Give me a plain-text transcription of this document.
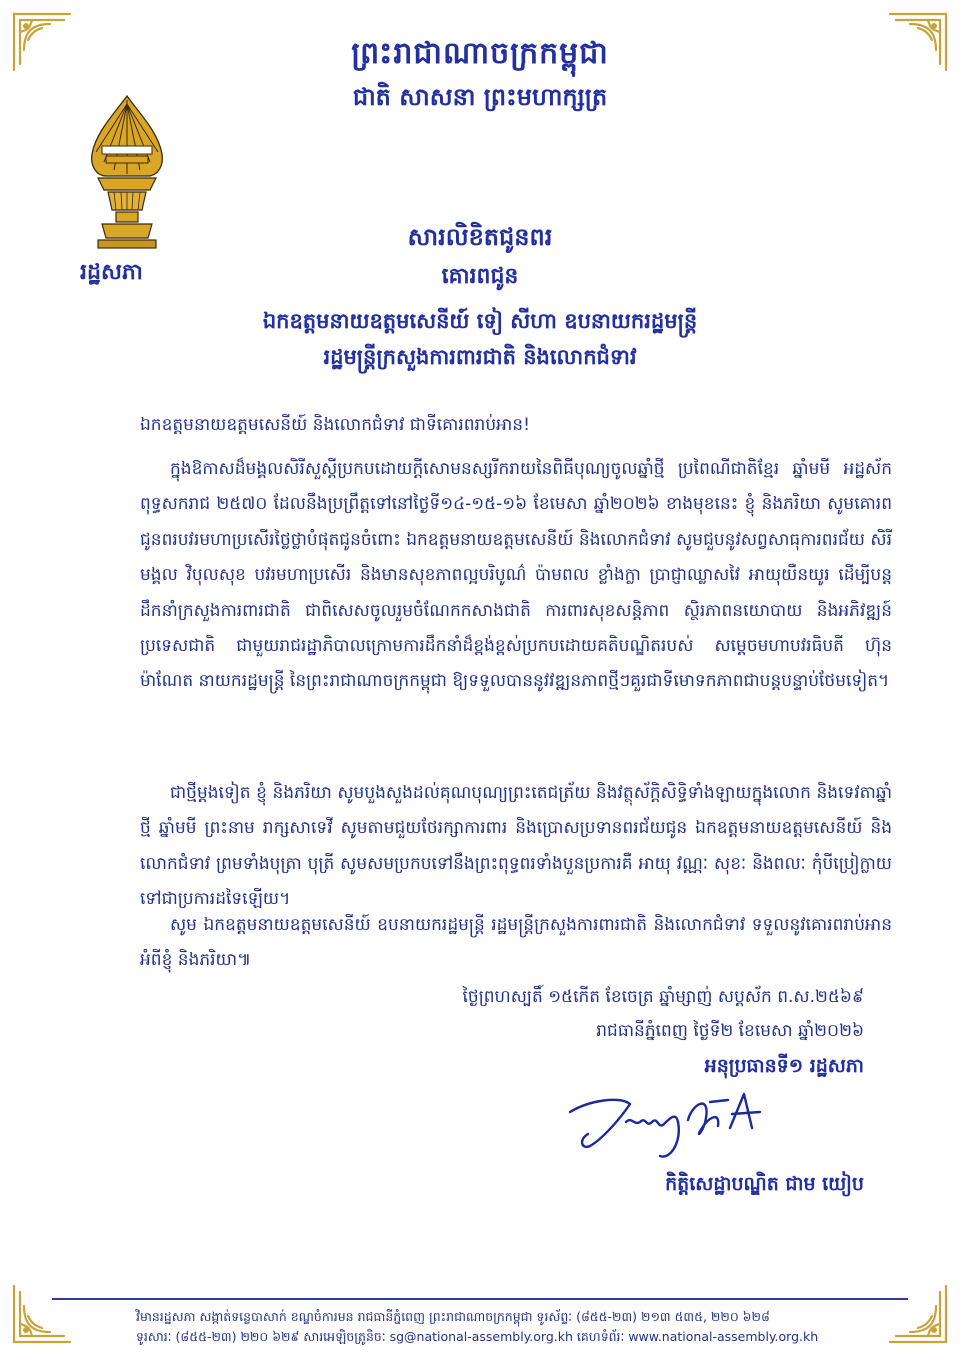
ព្រះរាជាណាចក្រកម្ពុជា
ជាតិ សាសនា ព្រះមហាក្សត្រ
រដ្ឋសភា
សារលិខិតជូនពរ
គោរពជូន
ឯកឧត្តមនាយឧត្តមសេនីយ៍ ទៀ សីហា ឧបនាយករដ្ឋមន្ត្រី
រដ្ឋមន្ត្រីក្រសួងការពារជាតិ និងលោកជំទាវ
ឯកឧត្តមនាយឧត្តមសេនីយ៍ និងលោកជំទាវ ជាទីគោរពរាប់អាន!
ក្នុងឱកាសដ៏មង្គលសិរីសួស្តីប្រកបដោយក្តីសោមនស្សរីករាយនៃពិធីបុណ្យចូលឆ្នាំថ្មី ប្រពៃណីជាតិខ្មែរ ឆ្នាំមមី អដ្ឋស័ក ពុទ្ធសករាជ ២៥៧០ ដែលនឹងប្រព្រឹត្តទៅនៅថ្ងៃទី១៤-១៥-១៦ ខែមេសា ឆ្នាំ២០២៦ ខាងមុខនេះ ខ្ញុំ និងភរិយា សូមគោរពជូនពរបវរមហាប្រសើរថ្លៃថ្លាបំផុតជូនចំពោះ ឯកឧត្តមនាយឧត្តមសេនីយ៍ និងលោកជំទាវ សូមជួបនូវសព្វសាធុការពរជ័យ សិរីមង្គល វិបុលសុខ បវរមហាប្រសើរ និងមានសុខភាពល្អបរិបូណ៌ ប៉ាមពល ខ្លាំងក្លា ប្រាជ្ញាឈ្លាសវៃ អាយុយឺនយូរ ដើម្បីបន្តដឹកនាំក្រសួងការពារជាតិ ជាពិសេសចូលរួមចំណែកកសាងជាតិ ការពារសុខសន្តិភាព ស្ថិរភាពនយោបាយ និងអភិវឌ្ឍន៍ប្រទេសជាតិ ជាមួយរាជរដ្ឋាភិបាលក្រោមការដឹកនាំដ៏ខ្ពង់ខ្ពស់ប្រកបដោយគតិបណ្ឌិតរបស់ សម្តេចមហាបវរធិបតី ហ៊ុន ម៉ាណែត នាយករដ្ឋមន្ត្រី នៃព្រះរាជាណាចក្រកម្ពុជា ឱ្យទទួលបាននូវវឌ្ឍនភាពថ្មីៗគួរជាទីមោទកភាពជាបន្តបន្ទាប់ថែមទៀត។
ជាថ្មីម្តងទៀត ខ្ញុំ និងភរិយា សូមបួងសួងដល់គុណបុណ្យព្រះតេជត្រ័យ និងវត្ថុស័ក្តិសិទ្ធិទាំងឡាយក្នុងលោក និងទេវតាឆ្នាំថ្មី ឆ្នាំមមី ព្រះនាម រាក្សសាទេវី សូមតាមជួយថែរក្សាការពារ និងប្រោសប្រទានពរជ័យជូន ឯកឧត្តមនាយឧត្តមសេនីយ៍ និងលោកជំទាវ ព្រមទាំងបុត្រា បុត្រី សូមសមប្រកបទៅនឹងព្រះពុទ្ធពរទាំងបួនប្រការគឺ អាយុ វណ្ណៈ សុខៈ និងពលៈ កុំបីប្រៀក្លាយទៅជាប្រការដទៃឡើយ។
សូម ឯកឧត្តមនាយឧត្តមសេនីយ៍ ឧបនាយករដ្ឋមន្ត្រី រដ្ឋមន្ត្រីក្រសួងការពារជាតិ និងលោកជំទាវ ទទួលនូវគោរពរាប់អានអំពីខ្ញុំ និងភរិយា៕
ថ្ងៃព្រហស្បតិ៍ ១៥កើត ខែចេត្រ ឆ្នាំម្សាញ់ សប្តស័ក ព.ស.២៥៦៩
រាជធានីភ្នំពេញ ថ្ងៃទី២ ខែមេសា ឆ្នាំ២០២៦
អនុប្រធានទី១ រដ្ឋសភា
កិត្តិសេដ្ឋាបណ្ឌិត ជាម យៀប
វិមានរដ្ឋសភា សង្កាត់ទន្លេបាសាក់ ខណ្ឌចំការមន រាជធានីភ្នំពេញ ព្រះរាជាណាចក្រកម្ពុជា ទូរស័ព្ទៈ (៨៥៥-២៣) ២១៣ ៥៣៥, ២២០ ៦២៨
ទូរសារៈ (៨៥៥-២៣) ២២០ ៦២៩ សារអេឡិចត្រូនិចៈ sg@national-assembly.org.kh គេហទំព័រៈ www.national-assembly.org.kh
